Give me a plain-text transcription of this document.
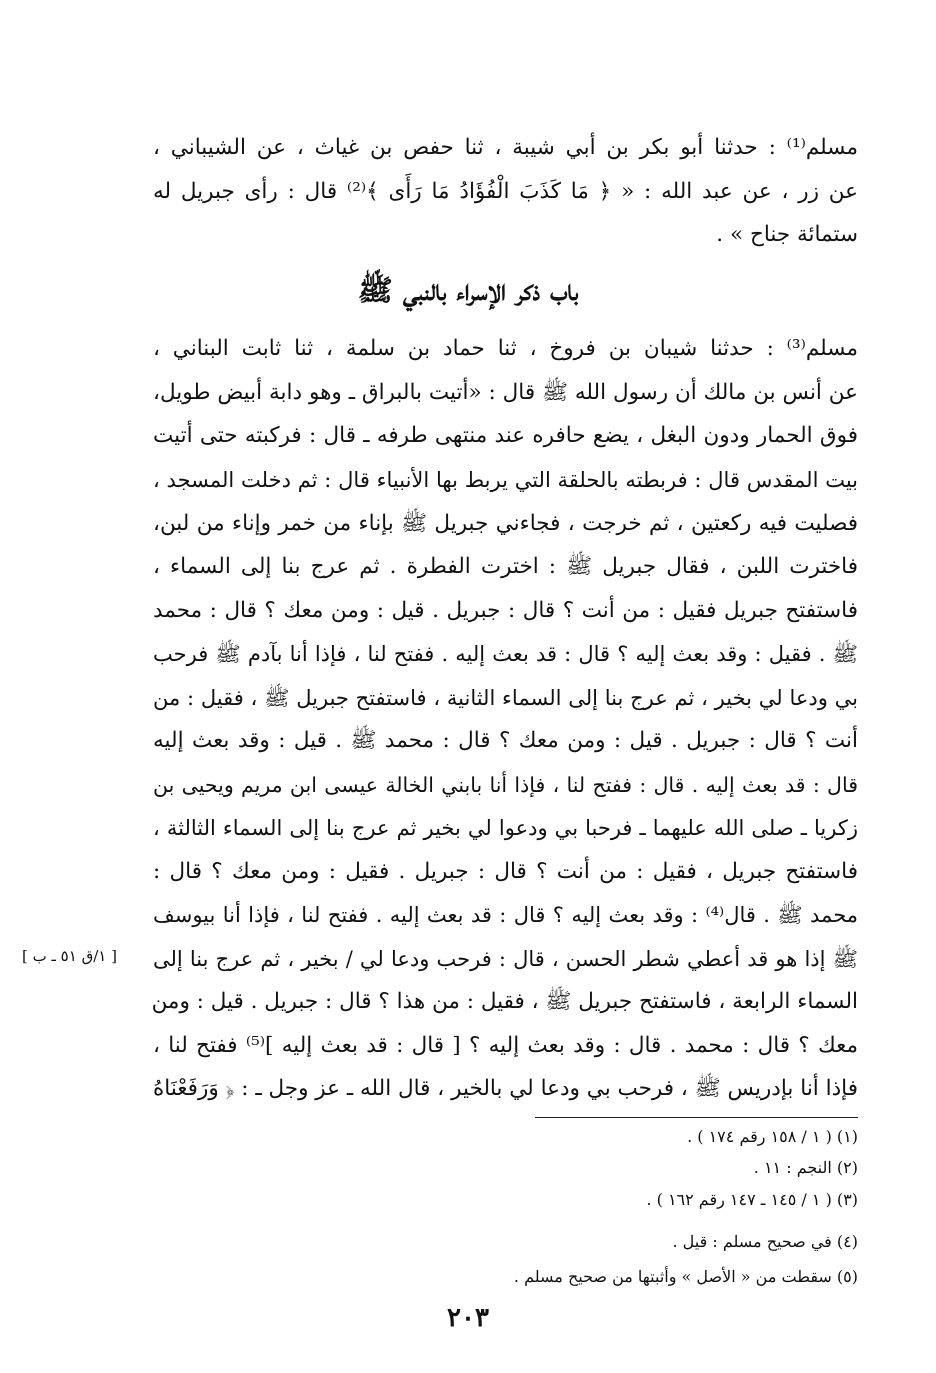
مسلم⁽¹⁾ : حدثنا أبو بكر بن أبي شيبة ، ثنا حفص بن غياث ، عن الشيباني ،
عن زر ، عن عبد الله : « ﴿ مَا كَذَبَ الْفُؤَادُ مَا رَأَى ﴾⁽²⁾ قال : رأى جبريل له
ستمائة جناح » .
باب ذكر الإسراء بالنبي ﷺ
مسلم⁽³⁾ : حدثنا شيبان بن فروخ ، ثنا حماد بن سلمة ، ثنا ثابت البناني ،
عن أنس بن مالك أن رسول الله ﷺ قال : «أتيت بالبراق ـ وهو دابة أبيض طويل،
فوق الحمار ودون البغل ، يضع حافره عند منتهى طرفه ـ قال : فركبته حتى أتيت
بيت المقدس قال : فربطته بالحلقة التي يربط بها الأنبياء قال : ثم دخلت المسجد ،
فصليت فيه ركعتين ، ثم خرجت ، فجاءني جبريل ﷺ بإناء من خمر وإناء من لبن،
فاخترت اللبن ، فقال جبريل ﷺ : اخترت الفطرة . ثم عرج بنا إلى السماء ،
فاستفتح جبريل فقيل : من أنت ؟ قال : جبريل . قيل : ومن معك ؟ قال : محمد
ﷺ . فقيل : وقد بعث إليه ؟ قال : قد بعث إليه . ففتح لنا ، فإذا أنا بآدم ﷺ فرحب
بي ودعا لي بخير ، ثم عرج بنا إلى السماء الثانية ، فاستفتح جبريل ﷺ ، فقيل : من
أنت ؟ قال : جبريل . قيل : ومن معك ؟ قال : محمد ﷺ . قيل : وقد بعث إليه
قال : قد بعث إليه . قال : ففتح لنا ، فإذا أنا بابني الخالة عيسى ابن مريم ويحيى بن
زكريا ـ صلى الله عليهما ـ فرحبا بي ودعوا لي بخير ثم عرج بنا إلى السماء الثالثة ،
فاستفتح جبريل ، فقيل : من أنت ؟ قال : جبريل . فقيل : ومن معك ؟ قال :
محمد ﷺ . قال⁽⁴⁾ : وقد بعث إليه ؟ قال : قد بعث إليه . ففتح لنا ، فإذا أنا بيوسف
ﷺ إذا هو قد أعطي شطر الحسن ، قال : فرحب ودعا لي / بخير ، ثم عرج بنا إلى
السماء الرابعة ، فاستفتح جبريل ﷺ ، فقيل : من هذا ؟ قال : جبريل . قيل : ومن
معك ؟ قال : محمد . قال : وقد بعث إليه ؟ [ قال : قد بعث إليه ]⁽⁵⁾ ففتح لنا ،
فإذا أنا بإدريس ﷺ ، فرحب بي ودعا لي بالخير ، قال الله ـ عز وجل ـ : ﴿ وَرَفَعْنَاهُ
[ ١/ق ٥١ ـ ب ]
(١) ( ١ / ١٥٨ رقم ١٧٤ ) .
(٢) النجم : ١١ .
(٣) ( ١ / ١٤٥ ـ ١٤٧ رقم ١٦٢ ) .
(٤) في صحيح مسلم : قيل .
(٥) سقطت من « الأصل » وأثبتها من صحيح مسلم .
٢٠٣
